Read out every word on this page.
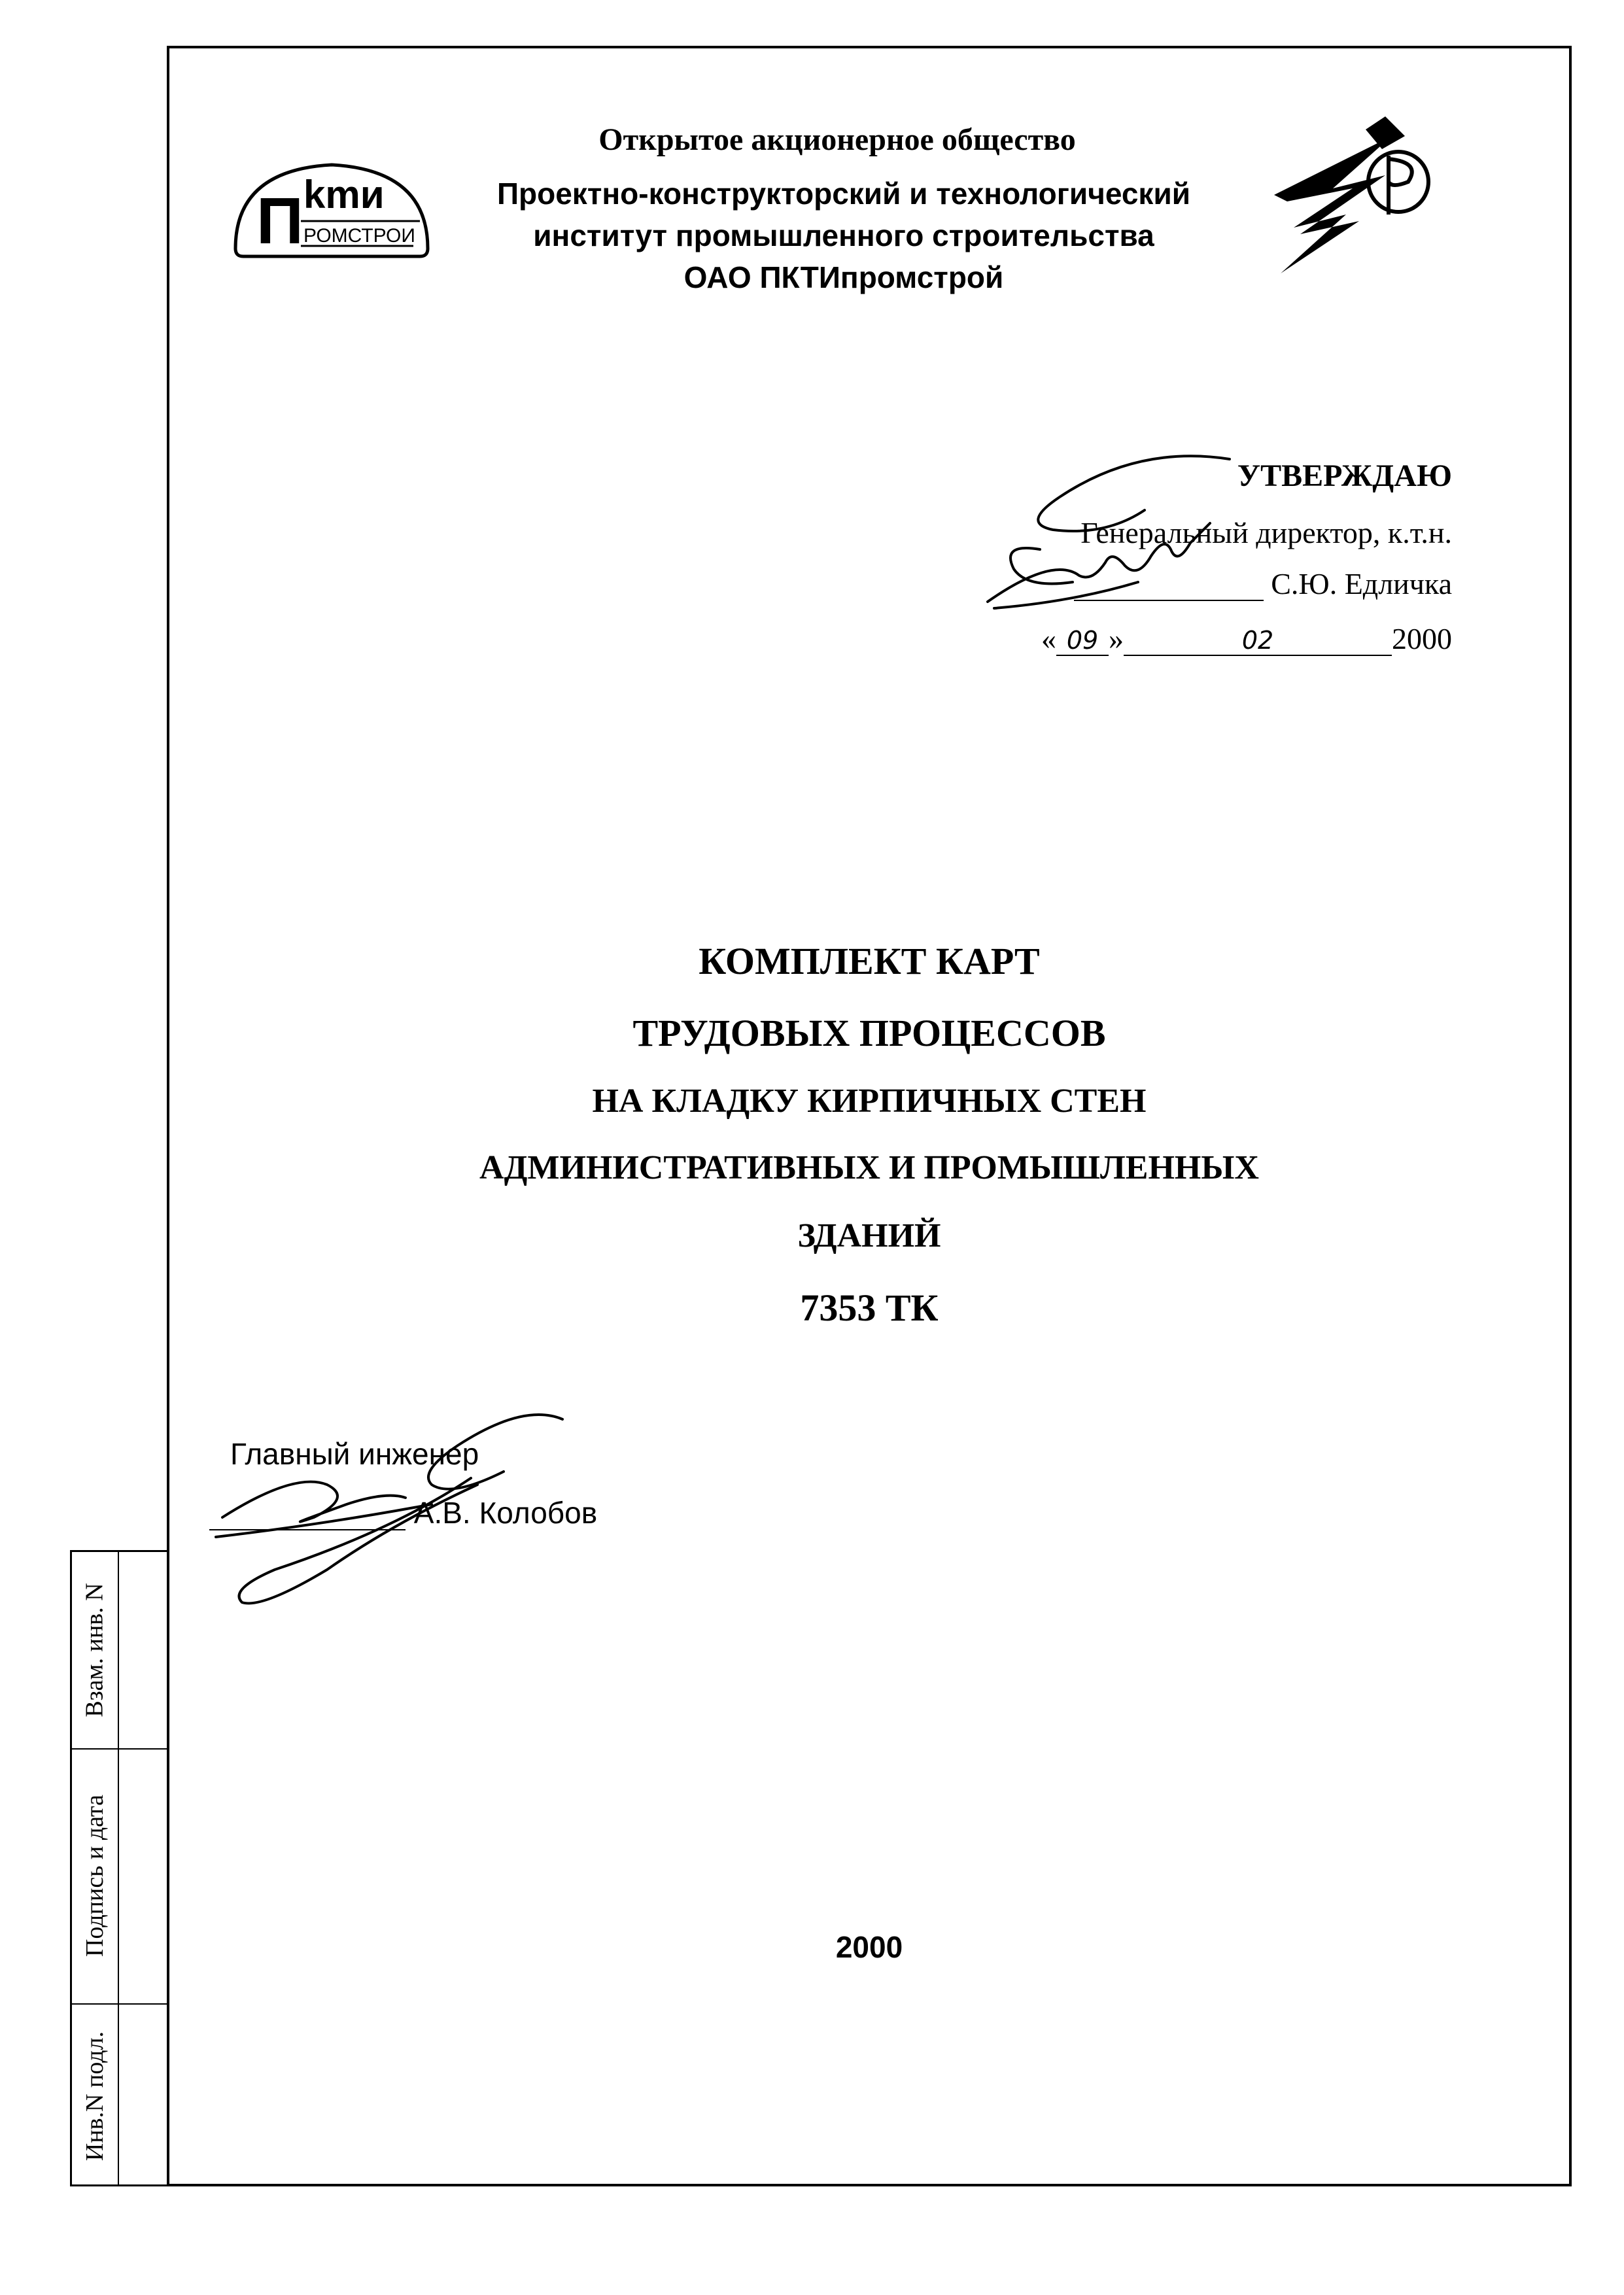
Открытое акционерное общество
Проектно-конструкторский и технологический
институт промышленного строительства
ОАО ПКТИпромстрой
П kmи
РОМСТРОИ
УТВЕРЖДАЮ
Генеральный директор, к.т.н.
С.Ю. Едличка
« 09 »	02	2000
КОМПЛЕКТ КАРТ
ТРУДОВЫХ ПРОЦЕССОВ
НА КЛАДКУ КИРПИЧНЫХ СТЕН
АДМИНИСТРАТИВНЫХ И ПРОМЫШЛЕННЫХ
ЗДАНИЙ
7353 ТК
Главный инженер
А.В. Колобов
2000
Взам. инв. N
Подпись и дата
Инв.N подл.
